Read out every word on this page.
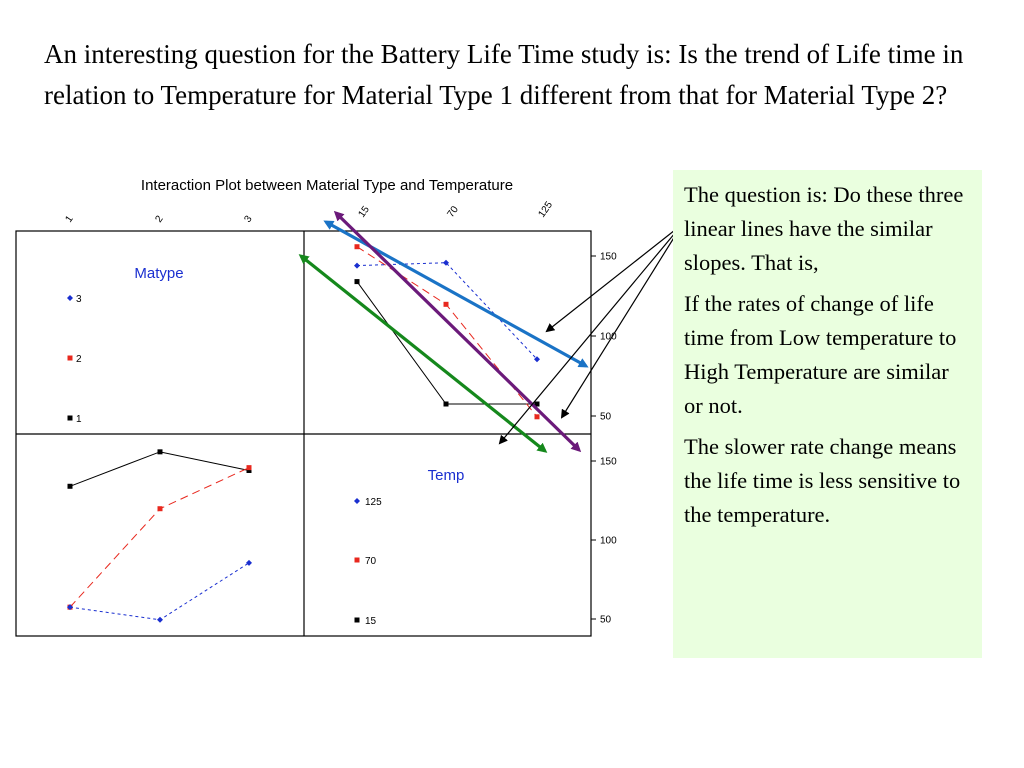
An interesting question for the Battery Life Time study is: Is the trend of Life time in relation to Temperature for Material Type 1 different from that for Material Type 2?
Interaction Plot between Material Type and Temperature
Matype
Temp
150
100
50
150
100
50
1	2	3	15	70	125
3
2
1
125
70
15

The question is: Do these three linear lines have the similar slopes. That is,

If the rates of change of life time from Low temperature to High Temperature are similar or not.

The slower rate change means the life time is less sensitive to the temperature.
